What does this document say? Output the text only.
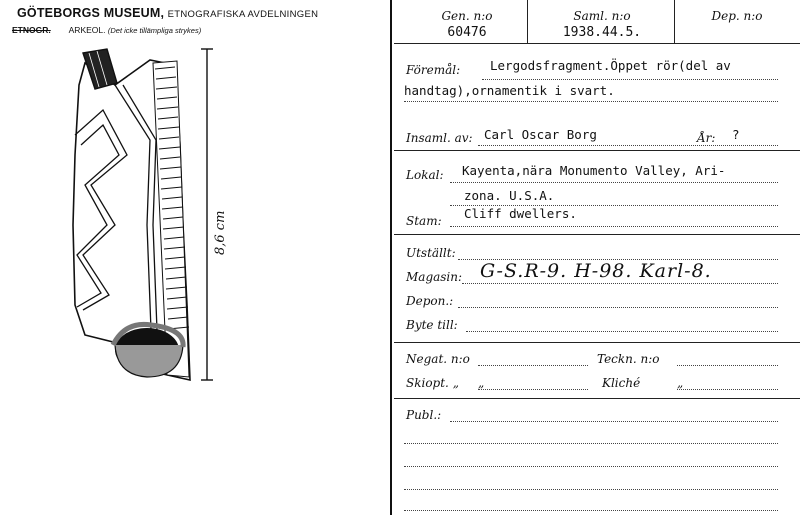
GÖTEBORGS MUSEUM, ETNOGRAFISKA AVDELNINGEN
ETNOGR. ARKEOL. (Det icke tillämpliga strykes)
8,6 cm
Gen. n:o
60476
Saml. n:o
1938.44.5.
Dep. n:o
Föremål: Lergodsfragment.Öppet rör(del av
handtag),ornamentik i svart.
Insaml. av: Carl Oscar Borg	År: ?
Lokal: Kayenta,nära Monumento Valley, Ari-
zona. U.S.A.
Stam: Cliff dwellers.
Utställt:
Magasin: G-S.R-9. H-98. Karl-8.
Depon.:
Byte till:
Negat. n:o	Teckn. n:o
Skiopt. „ „	Kliché	„
Publ.:
